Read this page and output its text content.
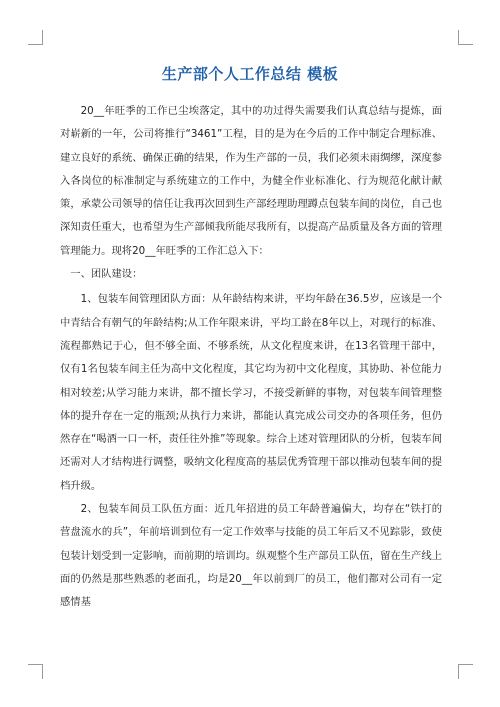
生产部个人工作总结 模板

20__年旺季的工作已尘埃落定，其中的功过得失需要我们认真总结与提炼，面对崭新的一年，公司将推行“3461”工程，目的是为在今后的工作中制定合理标准、建立良好的系统、确保正确的结果，作为生产部的一员，我们必须未雨绸缪，深度参入各岗位的标准制定与系统建立的工作中，为健全作业标准化、行为规范化献计献策，承蒙公司领导的信任让我再次回到生产部经理助理蹲点包装车间的岗位，自己也深知责任重大，也希望为生产部倾我所能尽我所有，以提高产品质量及各方面的管理管理能力。现将20__年旺季的工作汇总入下：

一、团队建设：

1、包装车间管理团队方面：从年龄结构来讲，平均年龄在36.5岁，应该是一个中青结合有朝气的年龄结构;从工作年限来讲，平均工龄在8年以上，对现行的标准、流程都熟记于心，但不够全面、不够系统，从文化程度来讲，在13名管理干部中，仅有1名包装车间主任为高中文化程度，其它均为初中文化程度，其协助、补位能力相对较差;从学习能力来讲，都不擅长学习，不接受新鲜的事物，对包装车间管理整体的提升存在一定的瓶颈;从执行力来讲，都能认真完成公司交办的各项任务，但仍然存在“喝酒一口一杯，责任往外推”等现象。综合上述对管理团队的分析，包装车间还需对人才结构进行调整，吸纳文化程度高的基层优秀管理干部以推动包装车间的提档升级。

2、包装车间员工队伍方面：近几年招进的员工年龄普遍偏大，均存在“铁打的营盘流水的兵”，年前培训到位有一定工作效率与技能的员工年后又不见踪影，致使包装计划受到一定影响，而前期的培训均。纵观整个生产部员工队伍，留在生产线上面的仍然是那些熟悉的老面孔，均是20__年以前到厂的员工，他们都对公司有一定感情基
